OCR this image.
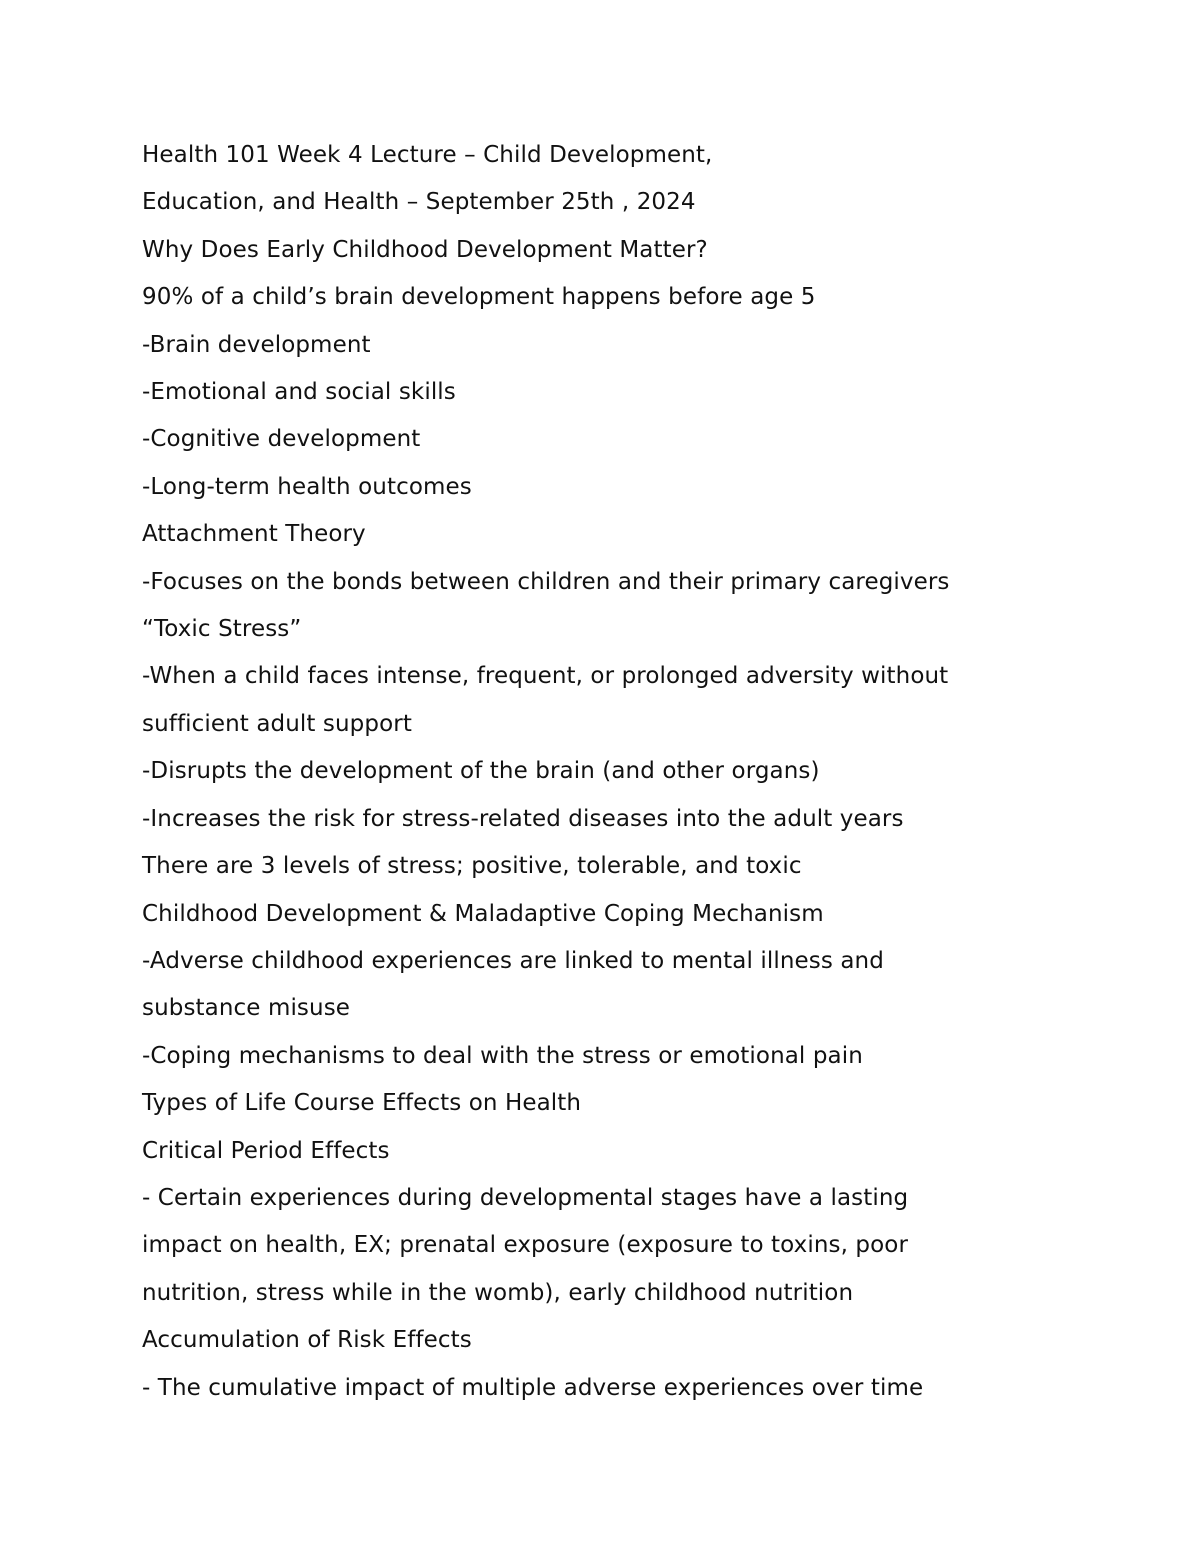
Health 101 Week 4 Lecture – Child Development,

Education, and Health – September 25th , 2024

Why Does Early Childhood Development Matter?

90% of a child’s brain development happens before age 5

-Brain development

-Emotional and social skills

-Cognitive development

-Long-term health outcomes

Attachment Theory

-Focuses on the bonds between children and their primary caregivers

“Toxic Stress”

-When a child faces intense, frequent, or prolonged adversity without

sufficient adult support

-Disrupts the development of the brain (and other organs)

-Increases the risk for stress-related diseases into the adult years

There are 3 levels of stress; positive, tolerable, and toxic

Childhood Development & Maladaptive Coping Mechanism

-Adverse childhood experiences are linked to mental illness and

substance misuse

-Coping mechanisms to deal with the stress or emotional pain

Types of Life Course Effects on Health

Critical Period Effects

- Certain experiences during developmental stages have a lasting

impact on health, EX; prenatal exposure (exposure to toxins, poor

nutrition, stress while in the womb), early childhood nutrition

Accumulation of Risk Effects

- The cumulative impact of multiple adverse experiences over time
